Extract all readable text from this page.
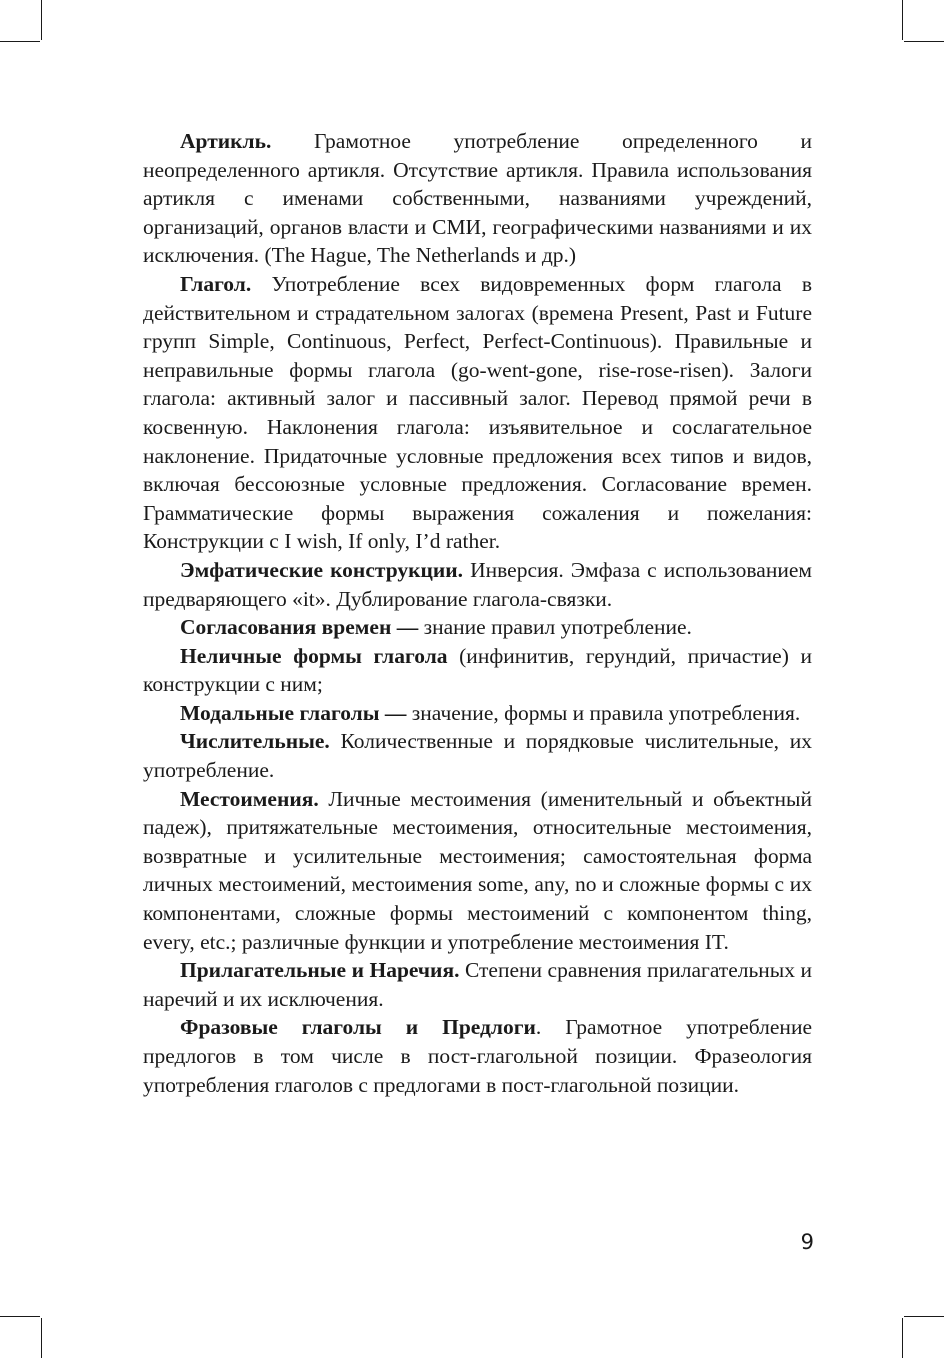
Артикль. Грамотное употребление определенного и неопределенного артикля. Отсутствие артикля. Правила использования артикля с именами собственными, названиями учреждений, организаций, органов власти и СМИ, географическими названиями и их исключения. (The Hague, The Netherlands и др.)

Глагол. Употребление всех видовременных форм глагола в действительном и страдательном залогах (времена Present, Past и Future групп Simple, Continuous, Perfect, Perfect-Continuous). Правильные и неправильные формы глагола (go-went-gone, rise-rose-risen). Залоги глагола: активный залог и пассивный залог. Перевод прямой речи в косвенную. Наклонения глагола: изъявительное и сослагательное наклонение. Придаточные условные предложения всех типов и видов, включая бессоюзные условные предложения. Согласование времен. Грамматические формы выражения сожаления и пожелания: Конструкции с I wish, If only, I’d rather.

Эмфатические конструкции. Инверсия. Эмфаза с использованием предваряющего «it». Дублирование глагола-связки.

Согласования времен — знание правил употребление.

Неличные формы глагола (инфинитив, герундий, причастие) и конструкции с ним;

Модальные глаголы — значение, формы и правила употребления.

Числительные. Количественные и порядковые числительные, их употребление.

Местоимения. Личные местоимения (именительный и объектный падеж), притяжательные местоимения, относительные местоимения, возвратные и усилительные местоимения; самостоятельная форма личных местоимений, местоимения some, any, no и сложные формы с их компонентами, сложные формы местоимений с компонентом thing, every, etc.; различные функции и употребление местоимения IT.

Прилагательные и Наречия. Степени сравнения прилагательных и наречий и их исключения.

Фразовые глаголы и Предлоги. Грамотное употребление предлогов в том числе в пост-глагольной позиции. Фразеология употребления глаголов с предлогами в пост-глагольной позиции.

9
